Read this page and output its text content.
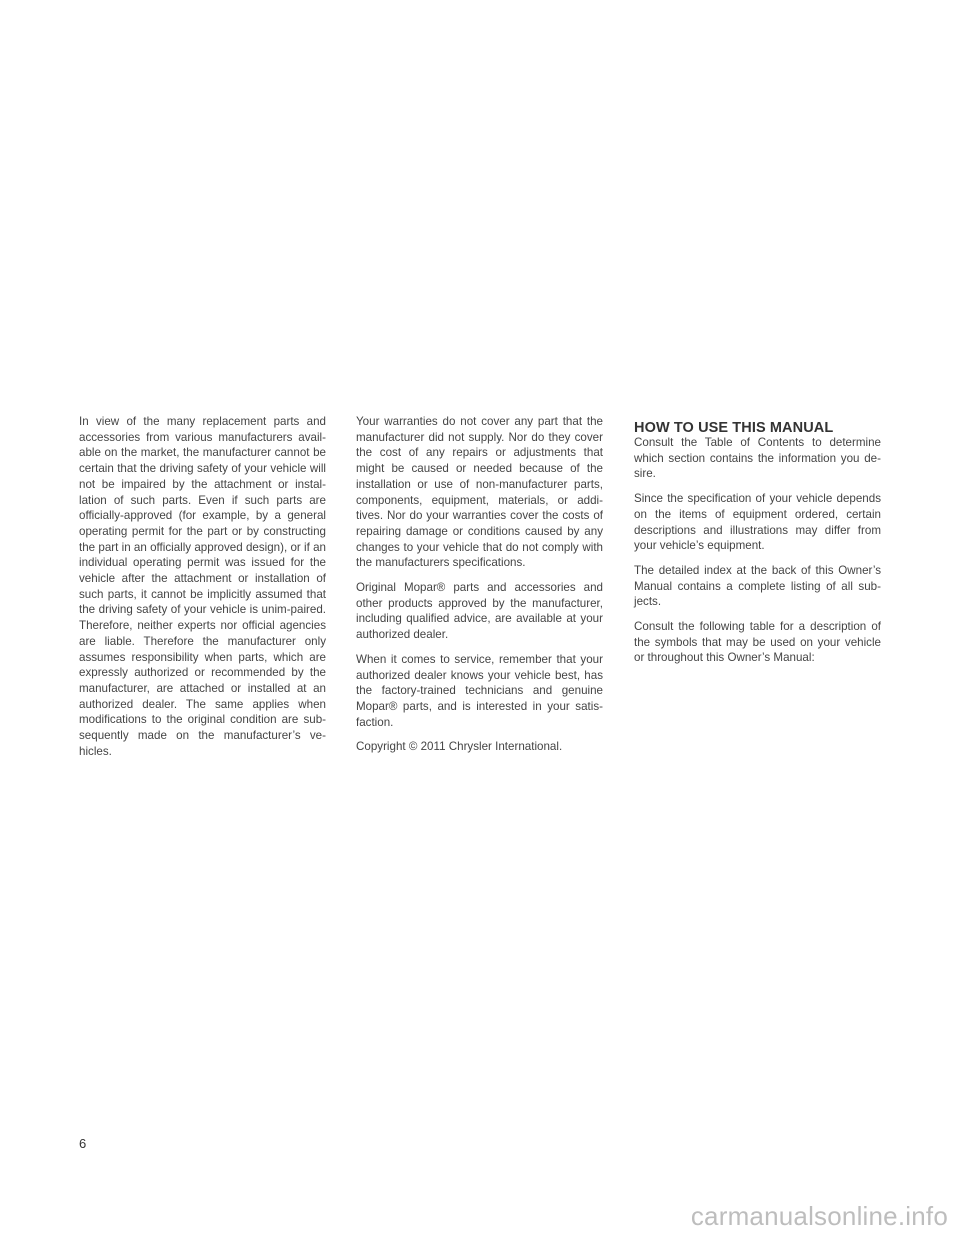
In view of the many replacement parts and accessories from various manufacturers avail-able on the market, the manufacturer cannot be certain that the driving safety of your vehicle will not be impaired by the attachment or instal-lation of such parts. Even if such parts are officially-approved (for example, by a general operating permit for the part or by constructing the part in an officially approved design), or if an individual operating permit was issued for the vehicle after the attachment or installation of such parts, it cannot be implicitly assumed that the driving safety of your vehicle is unim-paired. Therefore, neither experts nor official agencies are liable. Therefore the manufacturer only assumes responsibility when parts, which are expressly authorized or recommended by the manufacturer, are attached or installed at an authorized dealer. The same applies when modifications to the original condition are sub-sequently made on the manufacturer’s ve-hicles.

Your warranties do not cover any part that the manufacturer did not supply. Nor do they cover the cost of any repairs or adjustments that might be caused or needed because of the installation or use of non-manufacturer parts, components, equipment, materials, or addi-tives. Nor do your warranties cover the costs of repairing damage or conditions caused by any changes to your vehicle that do not comply with the manufacturers specifications.

Original Mopar® parts and accessories and other products approved by the manufacturer, including qualified advice, are available at your authorized dealer.

When it comes to service, remember that your authorized dealer knows your vehicle best, has the factory-trained technicians and genuine Mopar® parts, and is interested in your satis-faction.

Copyright © 2011 Chrysler International.

HOW TO USE THIS MANUAL

Consult the Table of Contents to determine which section contains the information you de-sire.

Since the specification of your vehicle depends on the items of equipment ordered, certain descriptions and illustrations may differ from your vehicle’s equipment.

The detailed index at the back of this Owner’s Manual contains a complete listing of all sub-jects.

Consult the following table for a description of the symbols that may be used on your vehicle or throughout this Owner’s Manual:

6
carmanualsonline.info
